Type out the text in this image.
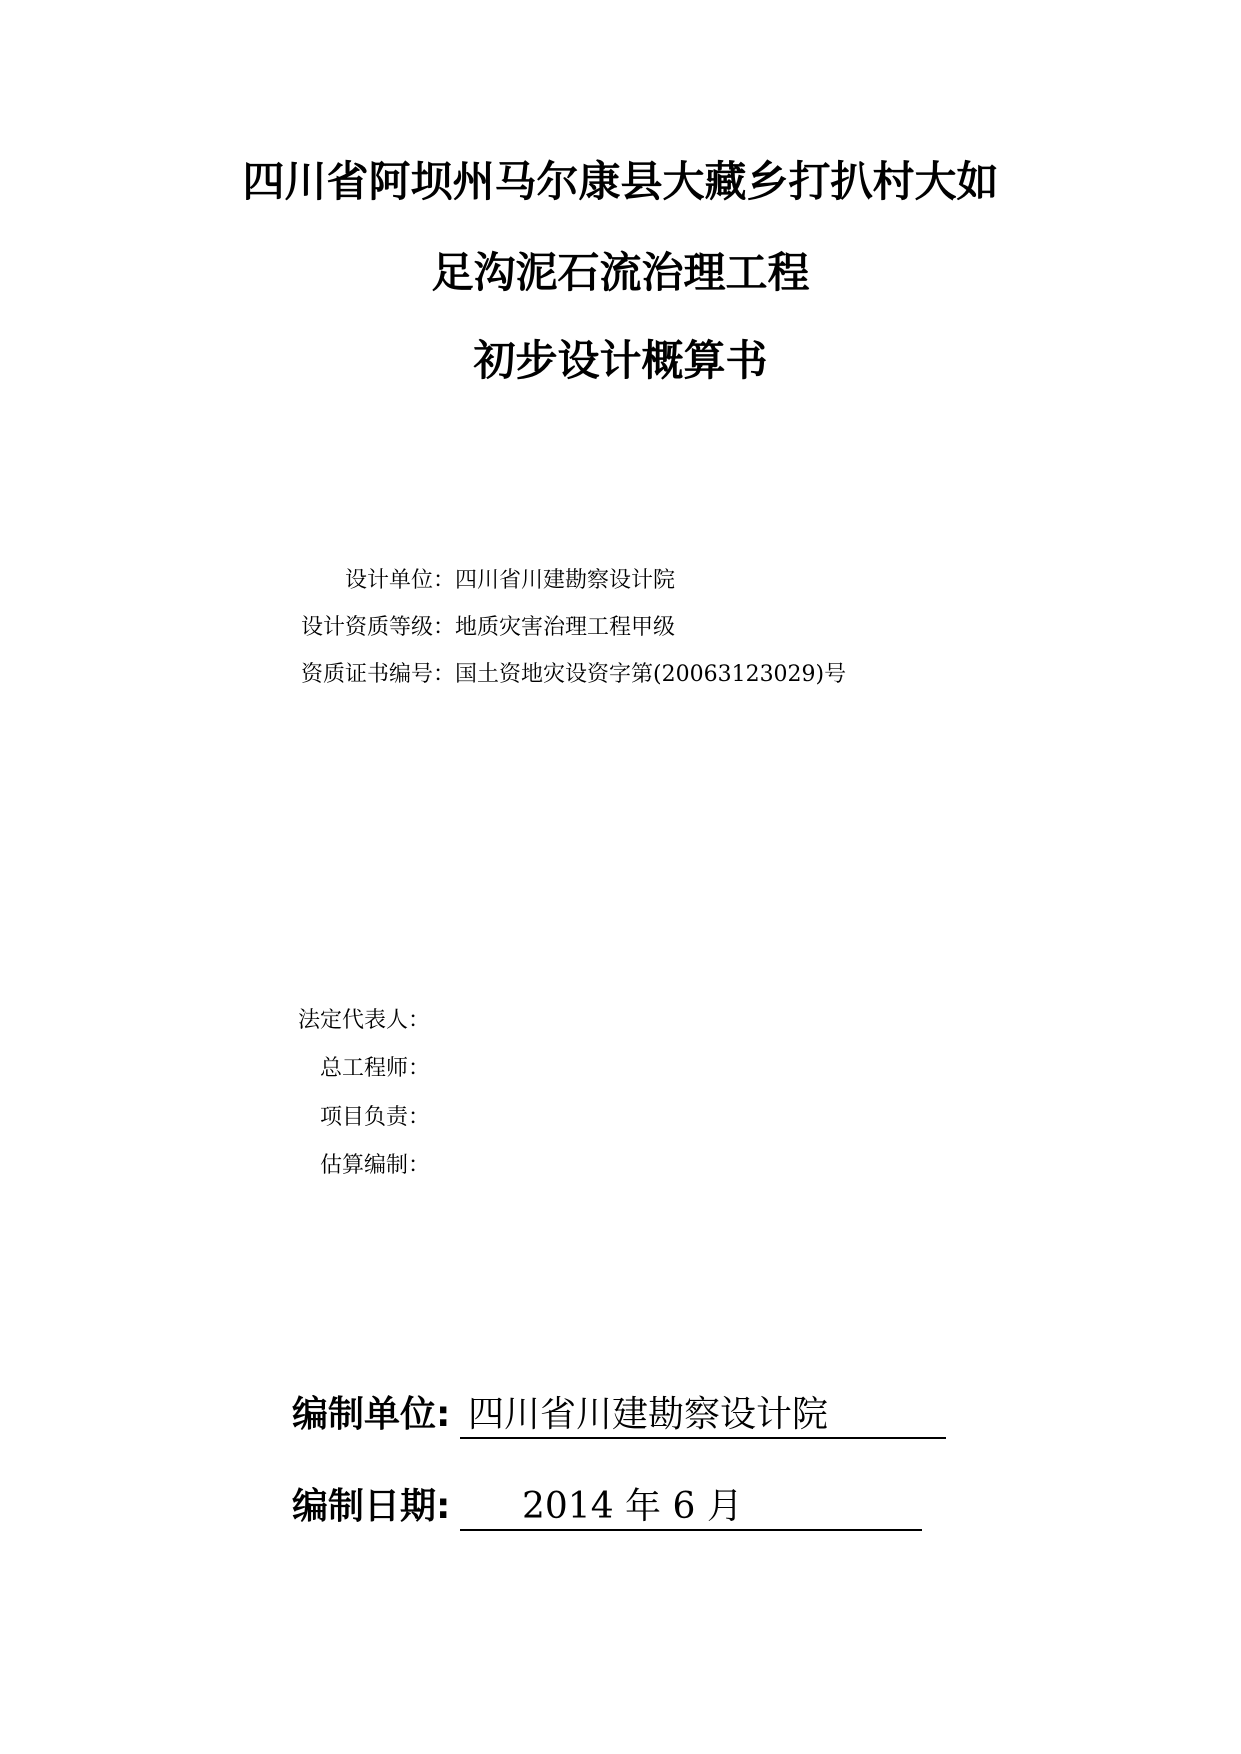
四川省阿坝州马尔康县大藏乡打扒村大如
足沟泥石流治理工程
初步设计概算书
设计单位：四川省川建勘察设计院
设计资质等级：地质灾害治理工程甲级
资质证书编号：国土资地灾设资字第(20063123029)号
法定代表人：
总工程师：
项目负责：
估算编制：
编制单位: 四川省川建勘察设计院
编制日期:	2014 年 6 月
